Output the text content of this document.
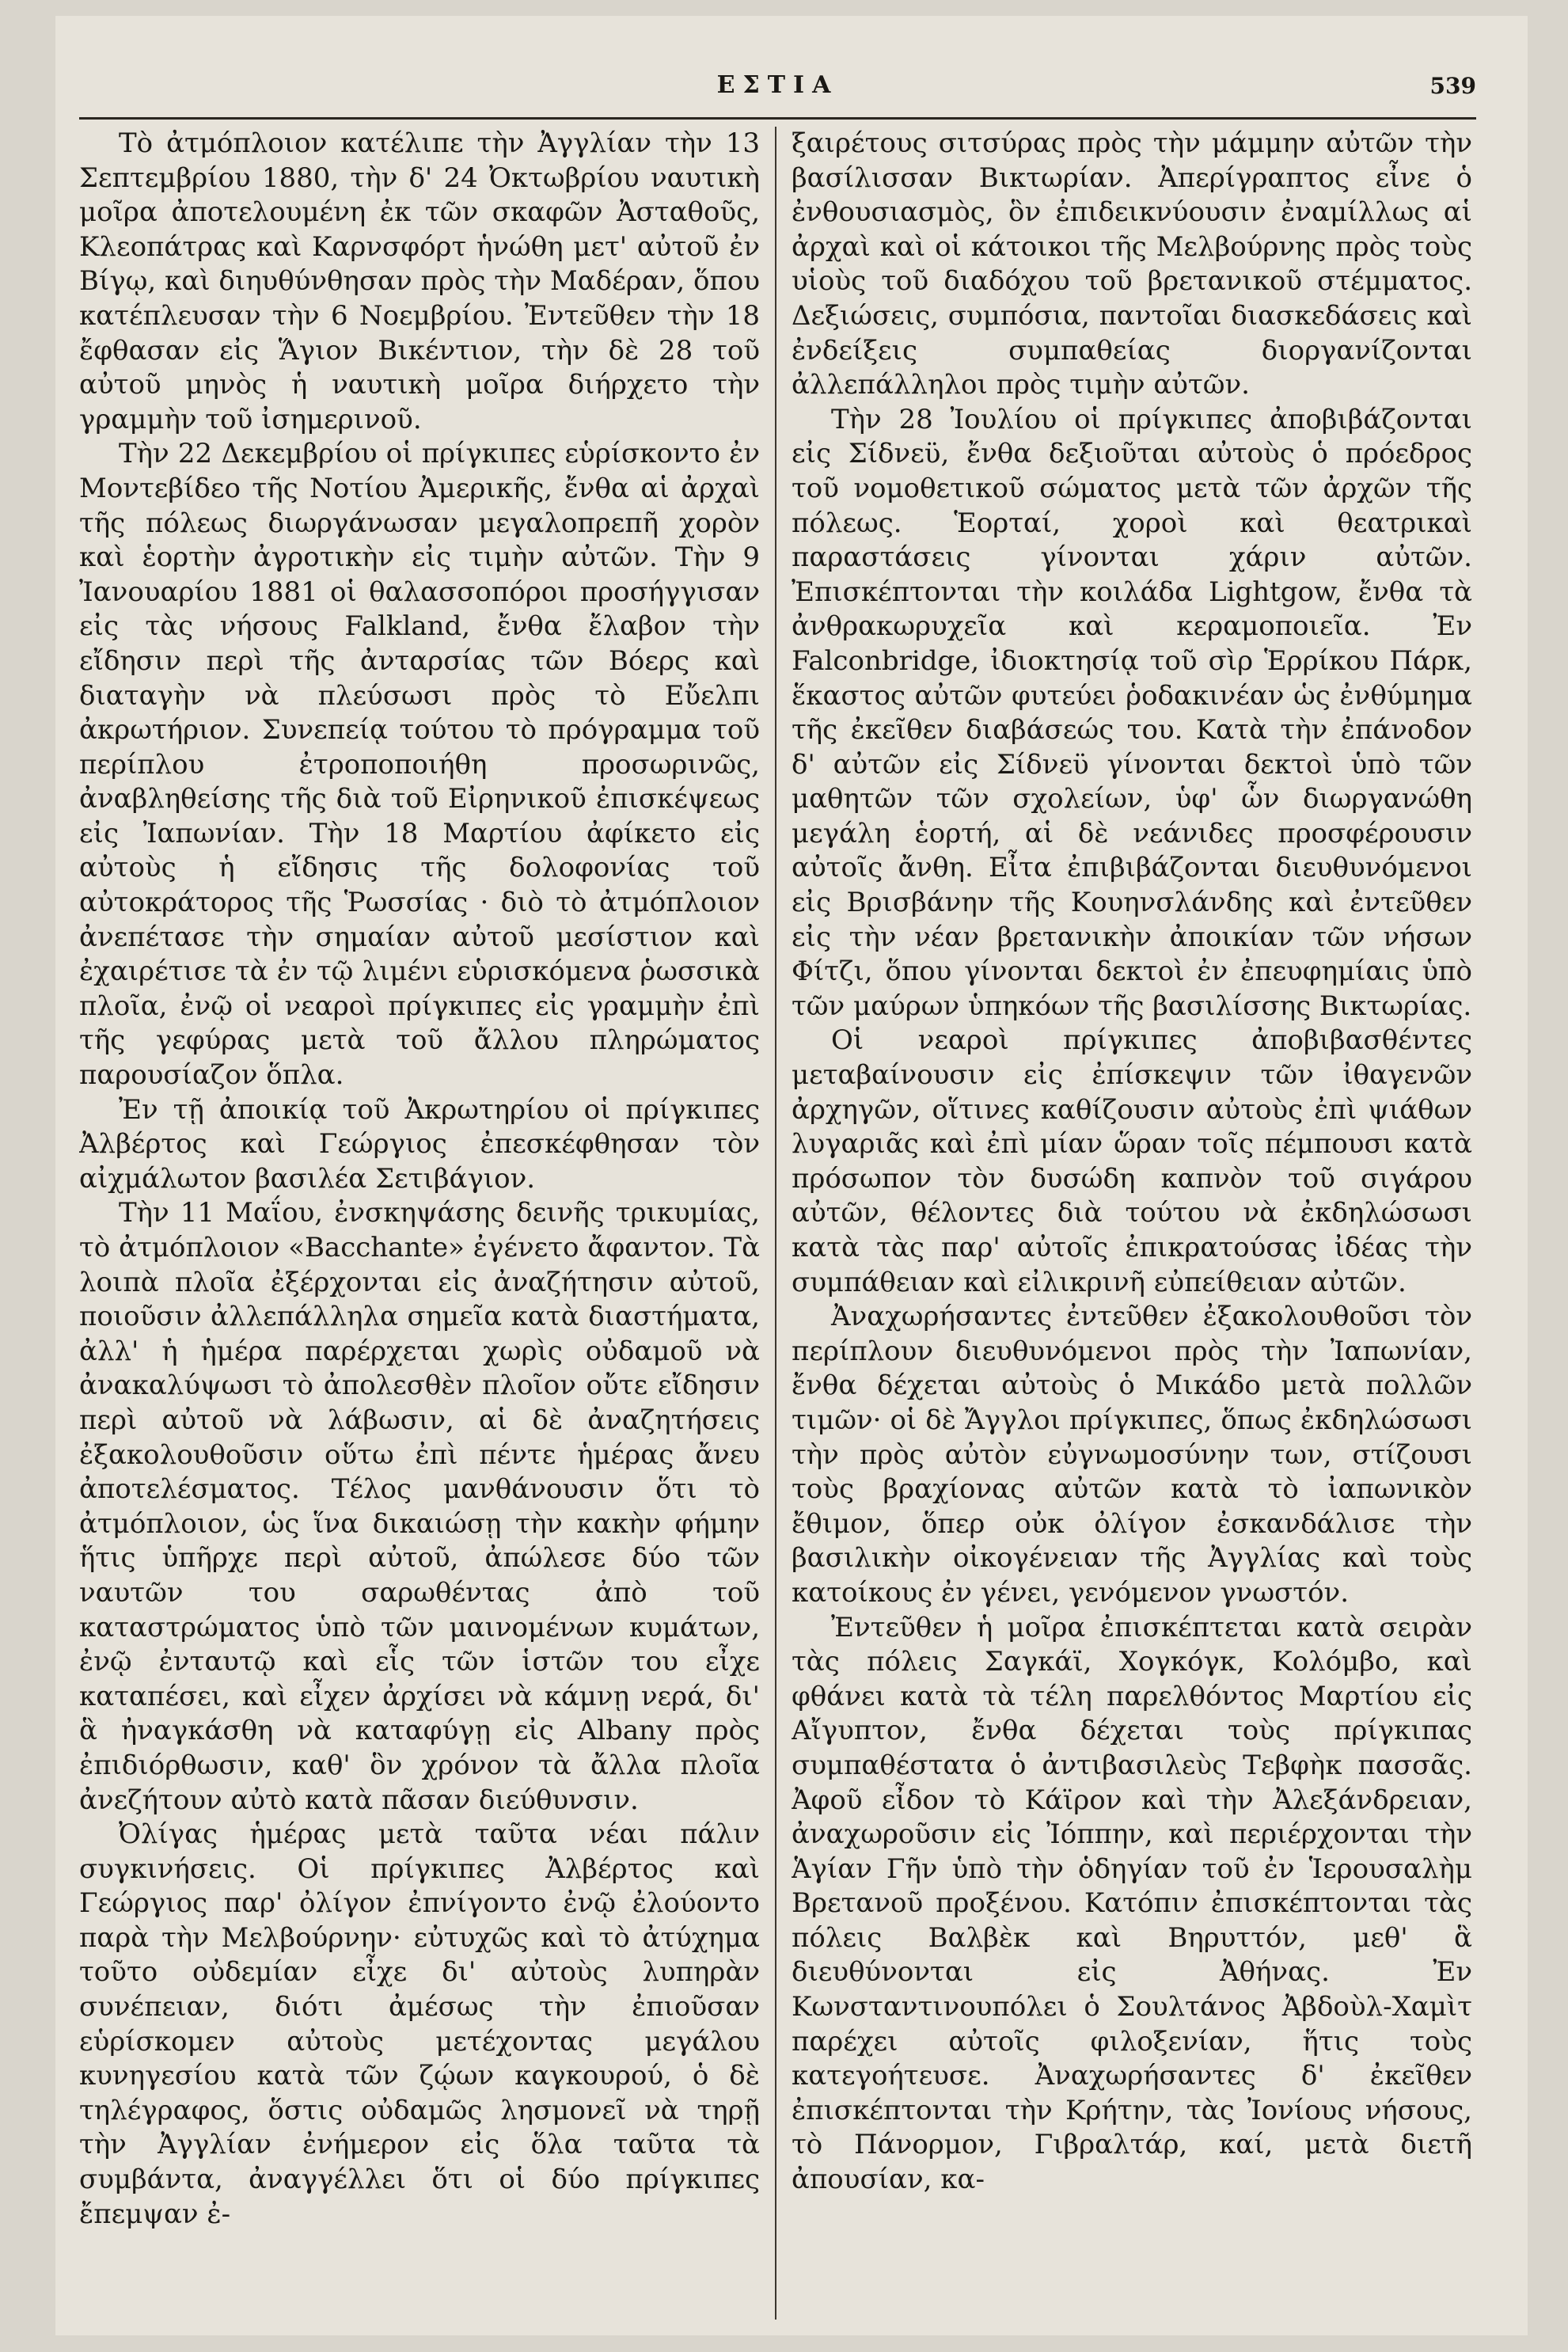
ΕΣΤΙΑ	539

Τὸ ἀτμόπλοιον κατέλιπε τὴν Ἀγγλίαν τὴν 13 Σεπτεμβρίου 1880, τὴν δ' 24 Ὀκτωβρίου ναυτικὴ μοῖρα ἀποτελουμένη ἐκ τῶν σκαφῶν Ἀσταθοῦς, Κλεοπάτρας καὶ Καρνσφόρτ ἡνώθη μετ' αὐτοῦ ἐν Βίγῳ, καὶ διηυθύνθησαν πρὸς τὴν Μαδέραν, ὅπου κατέπλευσαν τὴν 6 Νοεμβρίου. Ἐντεῦθεν τὴν 18 ἔφθασαν εἰς Ἅγιον Βικέντιον, τὴν δὲ 28 τοῦ αὐτοῦ μηνὸς ἡ ναυτικὴ μοῖρα διήρχετο τὴν γραμμὴν τοῦ ἰσημερινοῦ.

Τὴν 22 Δεκεμβρίου οἱ πρίγκιπες εὑρίσκοντο ἐν Μοντεβίδεο τῆς Νοτίου Ἀμερικῆς, ἔνθα αἱ ἀρχαὶ τῆς πόλεως διωργάνωσαν μεγαλοπρεπῆ χορὸν καὶ ἑορτὴν ἀγροτικὴν εἰς τιμὴν αὐτῶν. Τὴν 9 Ἰανουαρίου 1881 οἱ θαλασσοπόροι προσήγγισαν εἰς τὰς νήσους Falkland, ἔνθα ἔλαβον τὴν εἴδησιν περὶ τῆς ἀνταρσίας τῶν Βόερς καὶ διαταγὴν νὰ πλεύσωσι πρὸς τὸ Εὔελπι ἀκρωτήριον. Συνεπείᾳ τούτου τὸ πρόγραμμα τοῦ περίπλου ἐτροποποιήθη προσωρινῶς, ἀναβληθείσης τῆς διὰ τοῦ Εἰρηνικοῦ ἐπισκέψεως εἰς Ἰαπωνίαν. Τὴν 18 Μαρτίου ἀφίκετο εἰς αὐτοὺς ἡ εἴδησις τῆς δολοφονίας τοῦ αὐτοκράτορος τῆς Ῥωσσίας · διὸ τὸ ἀτμόπλοιον ἀνεπέτασε τὴν σημαίαν αὐτοῦ μεσίστιον καὶ ἐχαιρέτισε τὰ ἐν τῷ λιμένι εὑρισκόμενα ῥωσσικὰ πλοῖα, ἐνῷ οἱ νεαροὶ πρίγκιπες εἰς γραμμὴν ἐπὶ τῆς γεφύρας μετὰ τοῦ ἄλλου πληρώματος παρουσίαζον ὅπλα.

Ἐν τῇ ἀποικίᾳ τοῦ Ἀκρωτηρίου οἱ πρίγκιπες Ἀλβέρτος καὶ Γεώργιος ἐπεσκέφθησαν τὸν αἰχμάλωτον βασιλέα Σετιβάγιον.

Τὴν 11 Μαΐου, ἐνσκηψάσης δεινῆς τρικυμίας, τὸ ἀτμόπλοιον «Bacchante» ἐγένετο ἄφαντον. Τὰ λοιπὰ πλοῖα ἐξέρχονται εἰς ἀναζήτησιν αὐτοῦ, ποιοῦσιν ἀλλεπάλληλα σημεῖα κατὰ διαστήματα, ἀλλ' ἡ ἡμέρα παρέρχεται χωρὶς οὐδαμοῦ νὰ ἀνακαλύψωσι τὸ ἀπολεσθὲν πλοῖον οὔτε εἴδησιν περὶ αὐτοῦ νὰ λάβωσιν, αἱ δὲ ἀναζητήσεις ἐξακολουθοῦσιν οὕτω ἐπὶ πέντε ἡμέρας ἄνευ ἀποτελέσματος. Τέλος μανθάνουσιν ὅτι τὸ ἀτμόπλοιον, ὡς ἵνα δικαιώσῃ τὴν κακὴν φήμην ἥτις ὑπῆρχε περὶ αὐτοῦ, ἀπώλεσε δύο τῶν ναυτῶν του σαρωθέντας ἀπὸ τοῦ καταστρώματος ὑπὸ τῶν μαινομένων κυμάτων, ἐνῷ ἐνταυτῷ καὶ εἷς τῶν ἱστῶν του εἶχε καταπέσει, καὶ εἶχεν ἀρχίσει νὰ κάμνῃ νερά, δι' ἃ ἠναγκάσθη νὰ καταφύγῃ εἰς Albany πρὸς ἐπιδιόρθωσιν, καθ' ὃν χρόνον τὰ ἄλλα πλοῖα ἀνεζήτουν αὐτὸ κατὰ πᾶσαν διεύθυνσιν.

Ὀλίγας ἡμέρας μετὰ ταῦτα νέαι πάλιν συγκινήσεις. Οἱ πρίγκιπες Ἀλβέρτος καὶ Γεώργιος παρ' ὀλίγον ἐπνίγοντο ἐνῷ ἐλούοντο παρὰ τὴν Μελβούρνην· εὐτυχῶς καὶ τὸ ἀτύχημα τοῦτο οὐδεμίαν εἶχε δι' αὐτοὺς λυπηρὰν συνέπειαν, διότι ἀμέσως τὴν ἐπιοῦσαν εὑρίσκομεν αὐτοὺς μετέχοντας μεγάλου κυνηγεσίου κατὰ τῶν ζῴων καγκουρού, ὁ δὲ τηλέγραφος, ὅστις οὐδαμῶς λησμονεῖ νὰ τηρῇ τὴν Ἀγγλίαν ἐνήμερον εἰς ὅλα ταῦτα τὰ συμβάντα, ἀναγγέλλει ὅτι οἱ δύο πρίγκιπες ἔπεμψαν ἐ-

ξαιρέτους σιτσύρας πρὸς τὴν μάμμην αὐτῶν τὴν βασίλισσαν Βικτωρίαν. Ἀπερίγραπτος εἶνε ὁ ἐνθουσιασμὸς, ὃν ἐπιδεικνύουσιν ἐναμίλλως αἱ ἀρχαὶ καὶ οἱ κάτοικοι τῆς Μελβούρνης πρὸς τοὺς υἱοὺς τοῦ διαδόχου τοῦ βρετανικοῦ στέμματος. Δεξιώσεις, συμπόσια, παντοῖαι διασκεδάσεις καὶ ἐνδείξεις συμπαθείας διοργανίζονται ἀλλεπάλληλοι πρὸς τιμὴν αὐτῶν.

Τὴν 28 Ἰουλίου οἱ πρίγκιπες ἀποβιβάζονται εἰς Σίδνεϋ, ἔνθα δεξιοῦται αὐτοὺς ὁ πρόεδρος τοῦ νομοθετικοῦ σώματος μετὰ τῶν ἀρχῶν τῆς πόλεως. Ἑορταί, χοροὶ καὶ θεατρικαὶ παραστάσεις γίνονται χάριν αὐτῶν. Ἐπισκέπτονται τὴν κοιλάδα Lightgow, ἔνθα τὰ ἀνθρακωρυχεῖα καὶ κεραμοποιεῖα. Ἐν Falconbridge, ἰδιοκτησίᾳ τοῦ σὶρ Ἑρρίκου Πάρκ, ἕκαστος αὐτῶν φυτεύει ῥοδακινέαν ὡς ἐνθύμημα τῆς ἐκεῖθεν διαβάσεώς του. Κατὰ τὴν ἐπάνοδον δ' αὐτῶν εἰς Σίδνεϋ γίνονται δεκτοὶ ὑπὸ τῶν μαθητῶν τῶν σχολείων, ὑφ' ὧν διωργανώθη μεγάλη ἑορτή, αἱ δὲ νεάνιδες προσφέρουσιν αὐτοῖς ἄνθη. Εἶτα ἐπιβιβάζονται διευθυνόμενοι εἰς Βρισβάνην τῆς Κουηνσλάνδης καὶ ἐντεῦθεν εἰς τὴν νέαν βρετανικὴν ἀποικίαν τῶν νήσων Φίτζι, ὅπου γίνονται δεκτοὶ ἐν ἐπευφημίαις ὑπὸ τῶν μαύρων ὑπηκόων τῆς βασιλίσσης Βικτωρίας.

Οἱ νεαροὶ πρίγκιπες ἀποβιβασθέντες μεταβαίνουσιν εἰς ἐπίσκεψιν τῶν ἰθαγενῶν ἀρχηγῶν, οἵτινες καθίζουσιν αὐτοὺς ἐπὶ ψιάθων λυγαριᾶς καὶ ἐπὶ μίαν ὥραν τοῖς πέμπουσι κατὰ πρόσωπον τὸν δυσώδη καπνὸν τοῦ σιγάρου αὐτῶν, θέλοντες διὰ τούτου νὰ ἐκδηλώσωσι κατὰ τὰς παρ' αὐτοῖς ἐπικρατούσας ἰδέας τὴν συμπάθειαν καὶ εἰλικρινῆ εὐπείθειαν αὐτῶν.

Ἀναχωρήσαντες ἐντεῦθεν ἐξακολουθοῦσι τὸν περίπλουν διευθυνόμενοι πρὸς τὴν Ἰαπωνίαν, ἔνθα δέχεται αὐτοὺς ὁ Μικάδο μετὰ πολλῶν τιμῶν· οἱ δὲ Ἄγγλοι πρίγκιπες, ὅπως ἐκδηλώσωσι τὴν πρὸς αὐτὸν εὐγνωμοσύνην των, στίζουσι τοὺς βραχίονας αὐτῶν κατὰ τὸ ἰαπωνικὸν ἔθιμον, ὅπερ οὐκ ὀλίγον ἐσκανδάλισε τὴν βασιλικὴν οἰκογένειαν τῆς Ἀγγλίας καὶ τοὺς κατοίκους ἐν γένει, γενόμενον γνωστόν.

Ἐντεῦθεν ἡ μοῖρα ἐπισκέπτεται κατὰ σειρὰν τὰς πόλεις Σαγκάϊ, Χογκόγκ, Κολόμβο, καὶ φθάνει κατὰ τὰ τέλη παρελθόντος Μαρτίου εἰς Αἴγυπτον, ἔνθα δέχεται τοὺς πρίγκιπας συμπαθέστατα ὁ ἀντιβασιλεὺς Τεβφὴκ πασσᾶς. Ἀφοῦ εἶδον τὸ Κάϊρον καὶ τὴν Ἀλεξάνδρειαν, ἀναχωροῦσιν εἰς Ἰόππην, καὶ περιέρχονται τὴν Ἁγίαν Γῆν ὑπὸ τὴν ὁδηγίαν τοῦ ἐν Ἱερουσαλὴμ Βρετανοῦ προξένου. Κατόπιν ἐπισκέπτονται τὰς πόλεις Βαλβὲκ καὶ Βηρυττόν, μεθ' ἃ διευθύνονται εἰς Ἀθήνας. Ἐν Κωνσταντινουπόλει ὁ Σουλτάνος Ἀβδοὺλ-Χαμὶτ παρέχει αὐτοῖς φιλοξενίαν, ἥτις τοὺς κατεγοήτευσε. Ἀναχωρήσαντες δ' ἐκεῖθεν ἐπισκέπτονται τὴν Κρήτην, τὰς Ἰονίους νήσους, τὸ Πάνορμον, Γιβραλτάρ, καί, μετὰ διετῆ ἀπουσίαν, κα-
